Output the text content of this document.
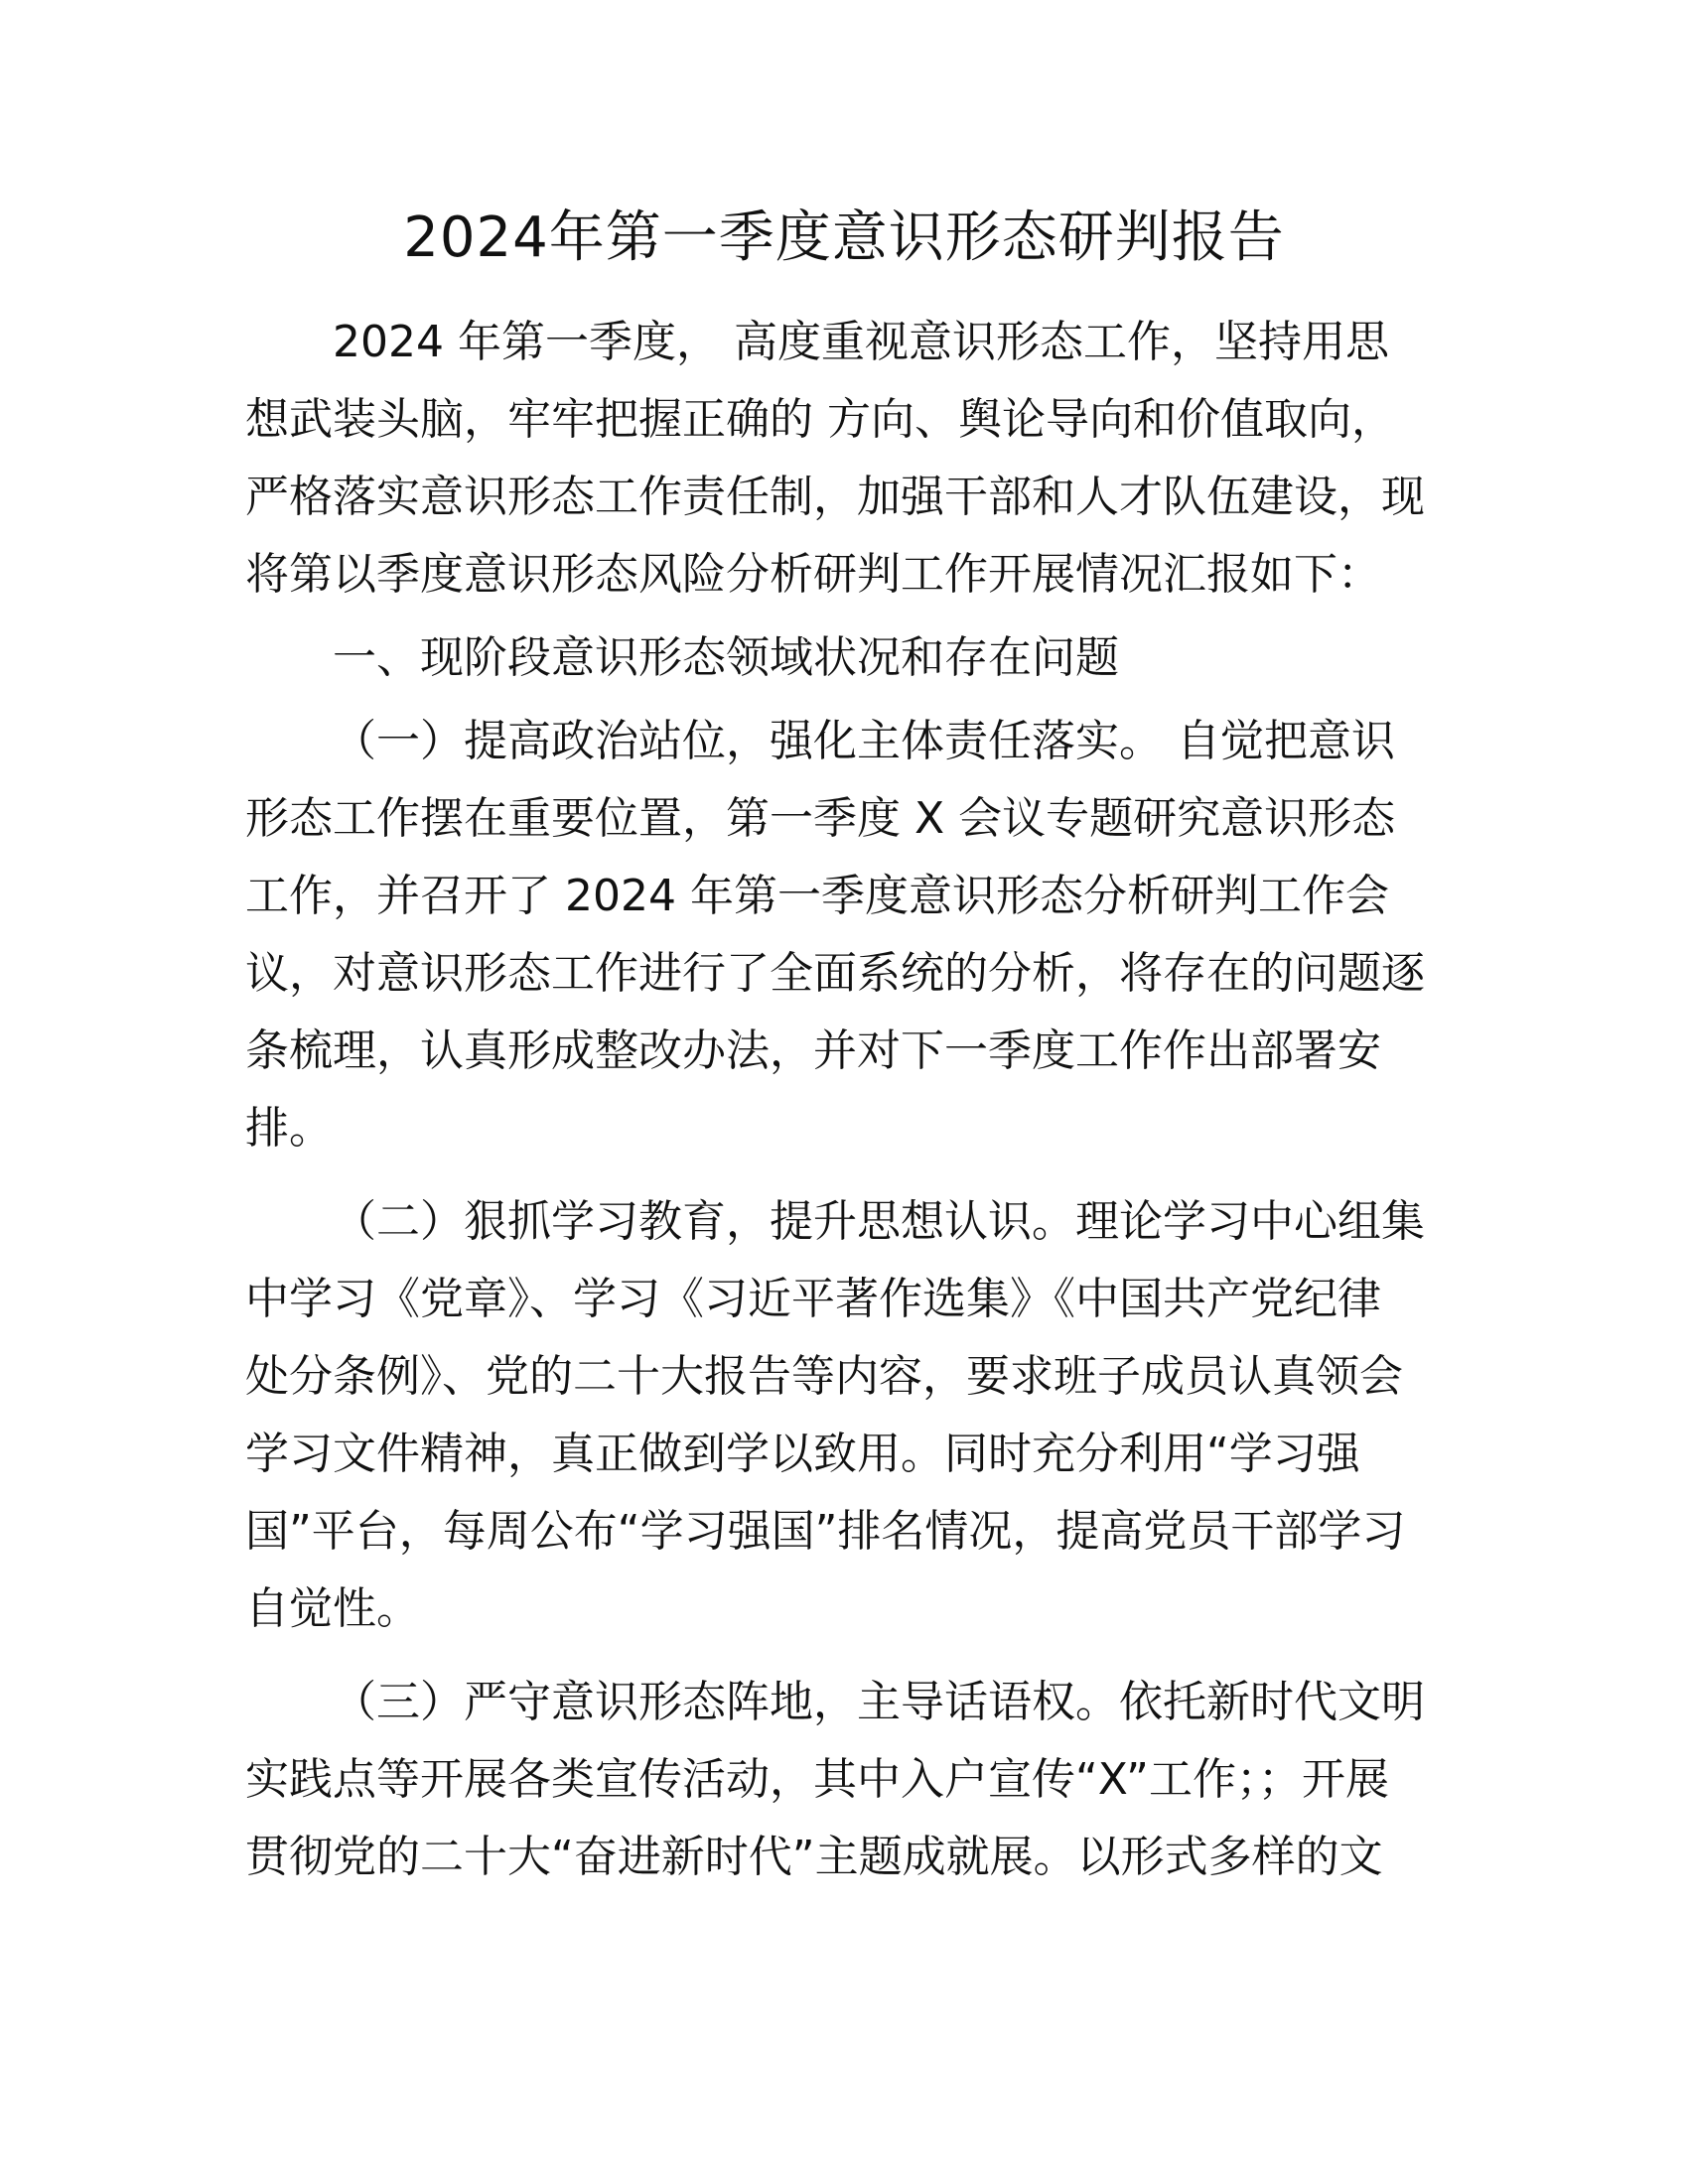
2024年第一季度意识形态研判报告
2024 年第一季度， 高度重视意识形态工作，坚持用思
想武装头脑，牢牢把握正确的 方向、舆论导向和价值取向，
严格落实意识形态工作责任制，加强干部和人才队伍建设，现
将第以季度意识形态风险分析研判工作开展情况汇报如下：
一、现阶段意识形态领域状况和存在问题
（一）提高政治站位，强化主体责任落实。 自觉把意识
形态工作摆在重要位置，第一季度 X 会议专题研究意识形态
工作，并召开了 2024 年第一季度意识形态分析研判工作会
议，对意识形态工作进行了全面系统的分析，将存在的问题逐
条梳理，认真形成整改办法，并对下一季度工作作出部署安
排。
（二）狠抓学习教育，提升思想认识。理论学习中心组集
中学习《党章》、学习《习近平著作选集》《中国共产党纪律
处分条例》、党的二十大报告等内容，要求班子成员认真领会
学习文件精神，真正做到学以致用。同时充分利用“学习强
国”平台，每周公布“学习强国”排名情况，提高党员干部学习
自觉性。
（三）严守意识形态阵地，主导话语权。依托新时代文明
实践点等开展各类宣传活动，其中入户宣传“X”工作；；开展
贯彻党的二十大“奋进新时代”主题成就展。以形式多样的文
